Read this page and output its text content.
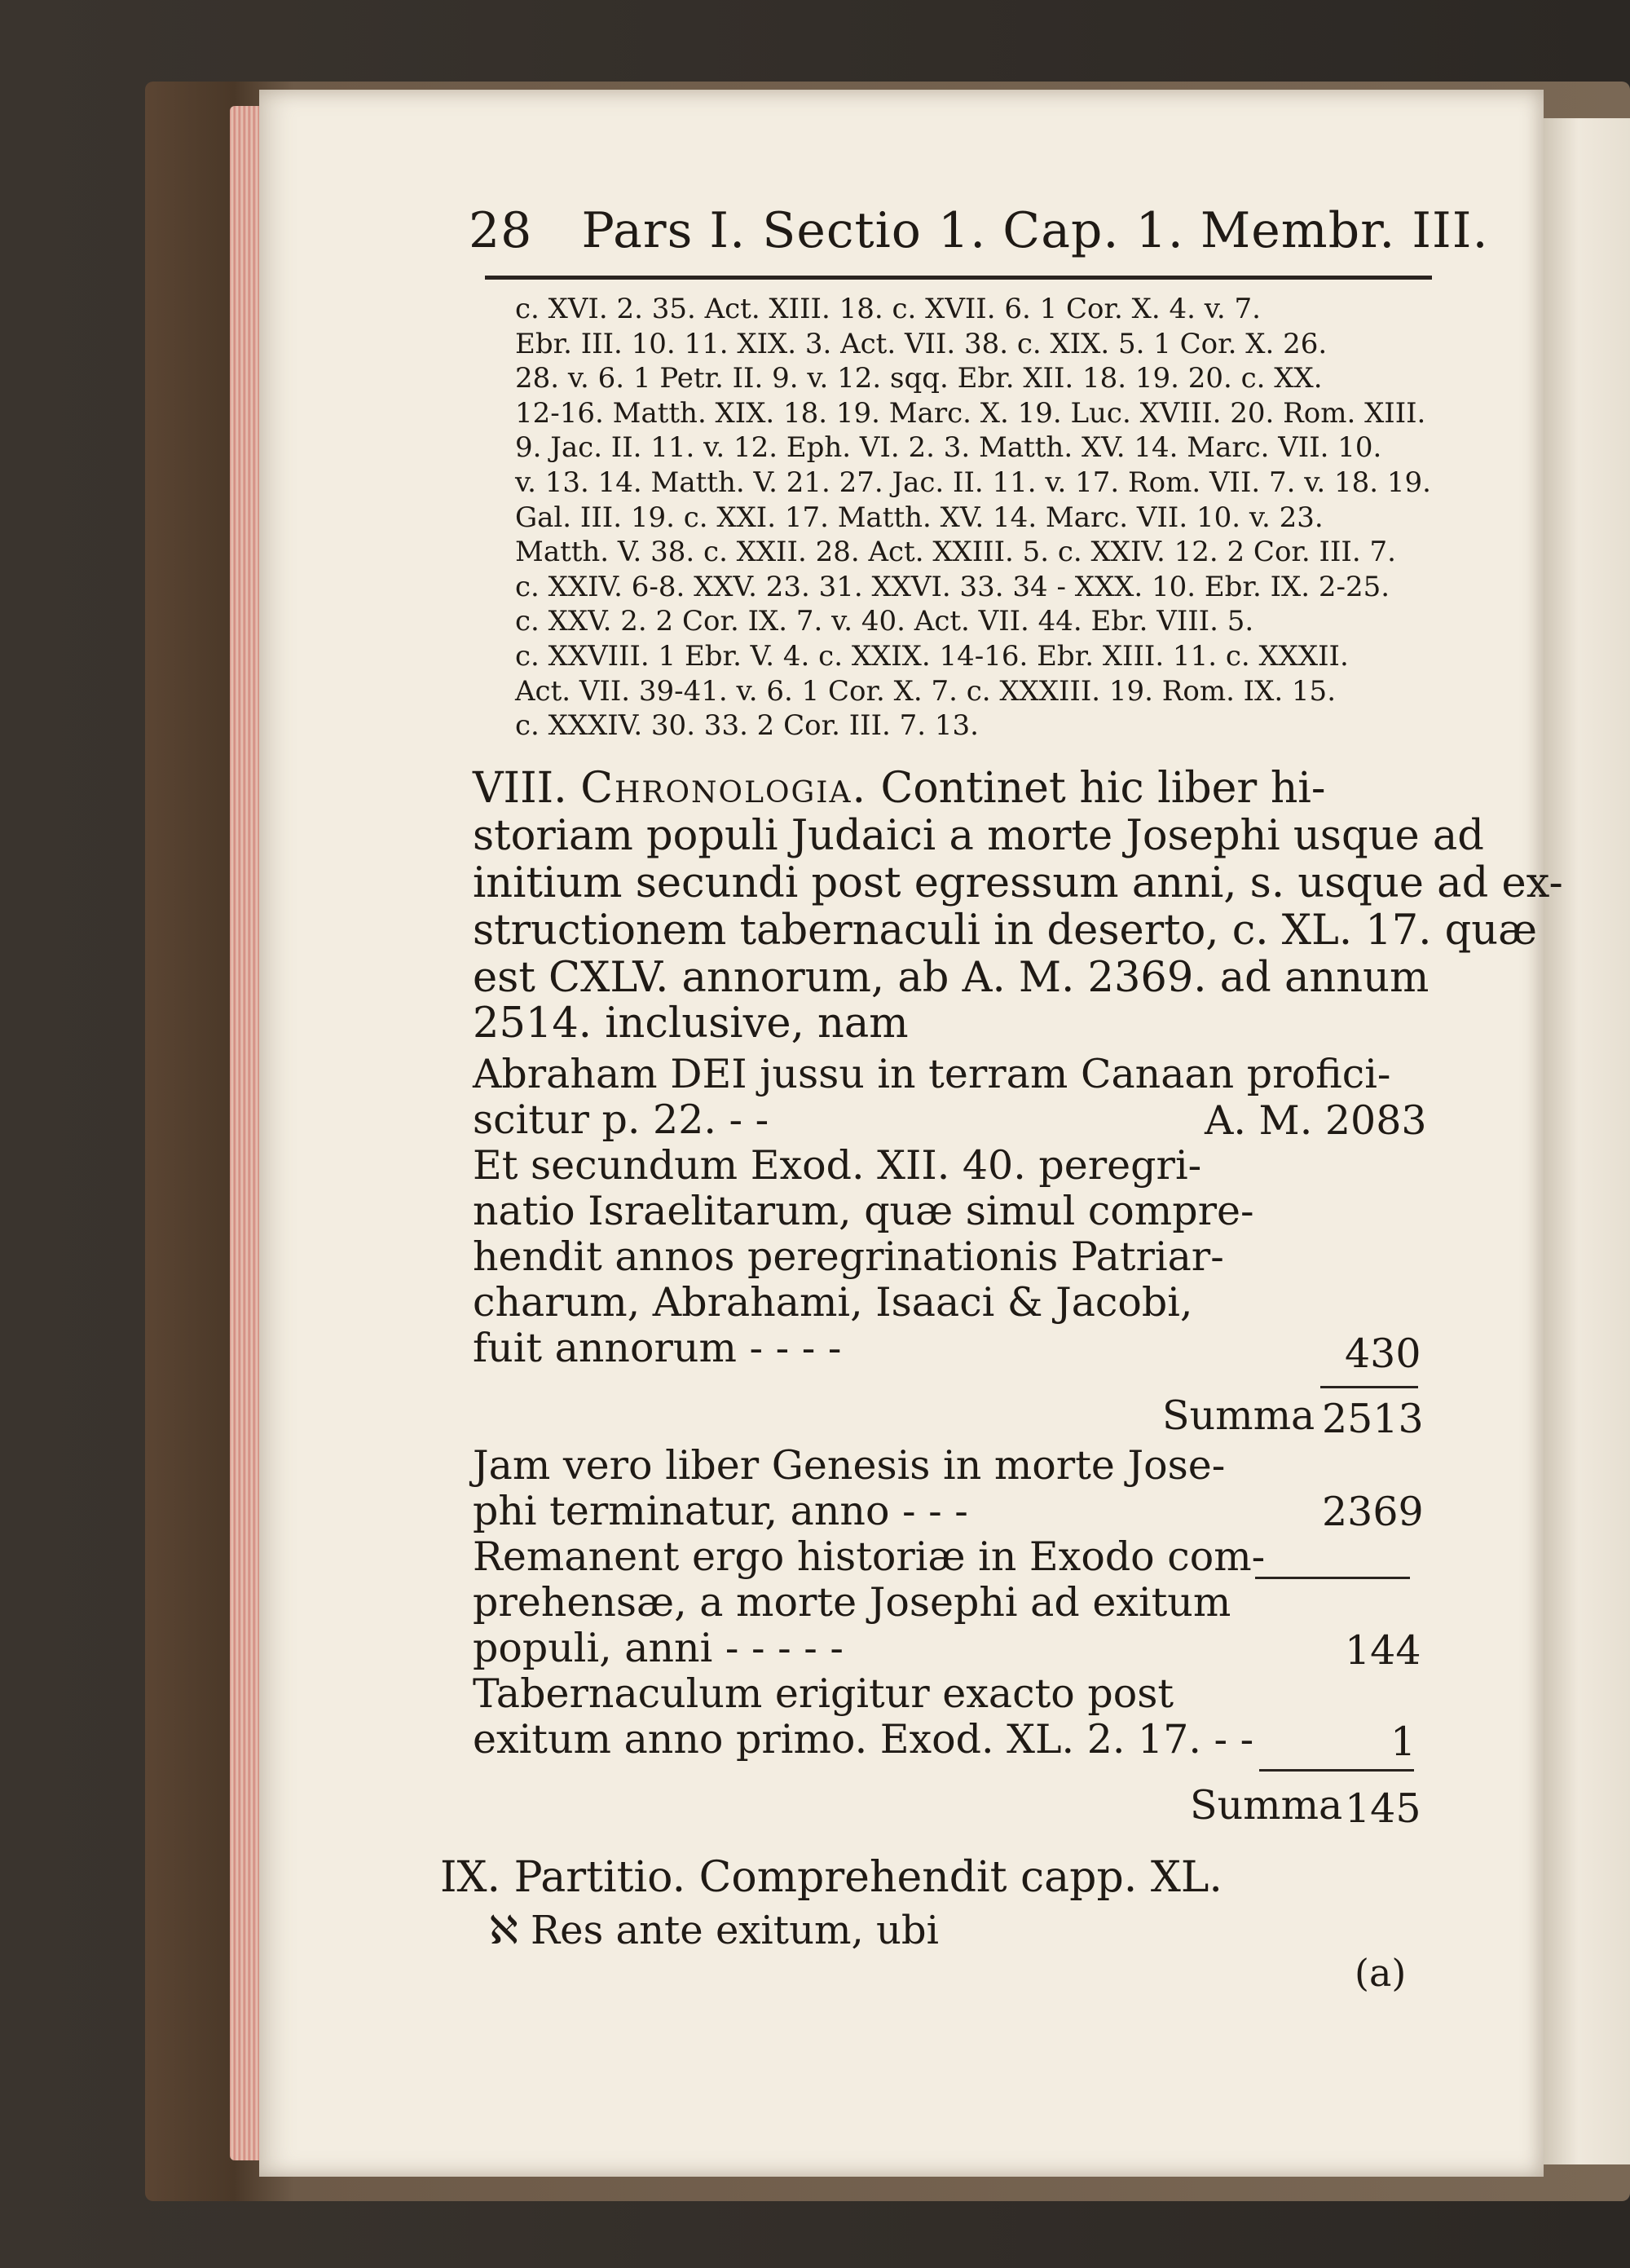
28 Pars I. Sectio 1. Cap. 1. Membr. III.
c. XVI. 2. 35. Act. XIII. 18. c. XVII. 6. 1 Cor. X. 4. v. 7.
Ebr. III. 10. 11. XIX. 3. Act. VII. 38. c. XIX. 5. 1 Cor. X. 26.
28. v. 6. 1 Petr. II. 9. v. 12. sqq. Ebr. XII. 18. 19. 20. c. XX.
12-16. Matth. XIX. 18. 19. Marc. X. 19. Luc. XVIII. 20. Rom. XIII.
9. Jac. II. 11. v. 12. Eph. VI. 2. 3. Matth. XV. 14. Marc. VII. 10.
v. 13. 14. Matth. V. 21. 27. Jac. II. 11. v. 17. Rom. VII. 7. v. 18. 19.
Gal. III. 19. c. XXI. 17. Matth. XV. 14. Marc. VII. 10. v. 23.
Matth. V. 38. c. XXII. 28. Act. XXIII. 5. c. XXIV. 12. 2 Cor. III. 7.
c. XXIV. 6-8. XXV. 23. 31. XXVI. 33. 34 - XXX. 10. Ebr. IX. 2-25.
c. XXV. 2. 2 Cor. IX. 7. v. 40. Act. VII. 44. Ebr. VIII. 5.
c. XXVIII. 1 Ebr. V. 4. c. XXIX. 14-16. Ebr. XIII. 11. c. XXXII.
Act. VII. 39-41. v. 6. 1 Cor. X. 7. c. XXXIII. 19. Rom. IX. 15.
c. XXXIV. 30. 33. 2 Cor. III. 7. 13.
VIII. Chronologia. Continet hic liber hi-
storiam populi Judaici a morte Josephi usque ad
initium secundi post egressum anni, s. usque ad ex-
structionem tabernaculi in deserto, c. XL. 17. quæ
est CXLV. annorum, ab A. M. 2369. ad annum
2514. inclusive, nam
Abraham DEI jussu in terram Canaan profici-
scitur p. 22. - -	A. M. 2083
Et secundum Exod. XII. 40. peregri-
natio Israelitarum, quæ simul compre-
hendit annos peregrinationis Patriar-
charum, Abrahami, Isaaci & Jacobi,
fuit annorum - - - -	430
Summa 2513
Jam vero liber Genesis in morte Jose-
phi terminatur, anno - - -	2369
Remanent ergo historiæ in Exodo com-
prehensæ, a morte Josephi ad exitum
populi, anni - - - - -	144
Tabernaculum erigitur exacto post
exitum anno primo. Exod. XL. 2. 17. - -	1
Summa 145
IX. Partitio. Comprehendit capp. XL.
ℵ Res ante exitum, ubi
(a)
